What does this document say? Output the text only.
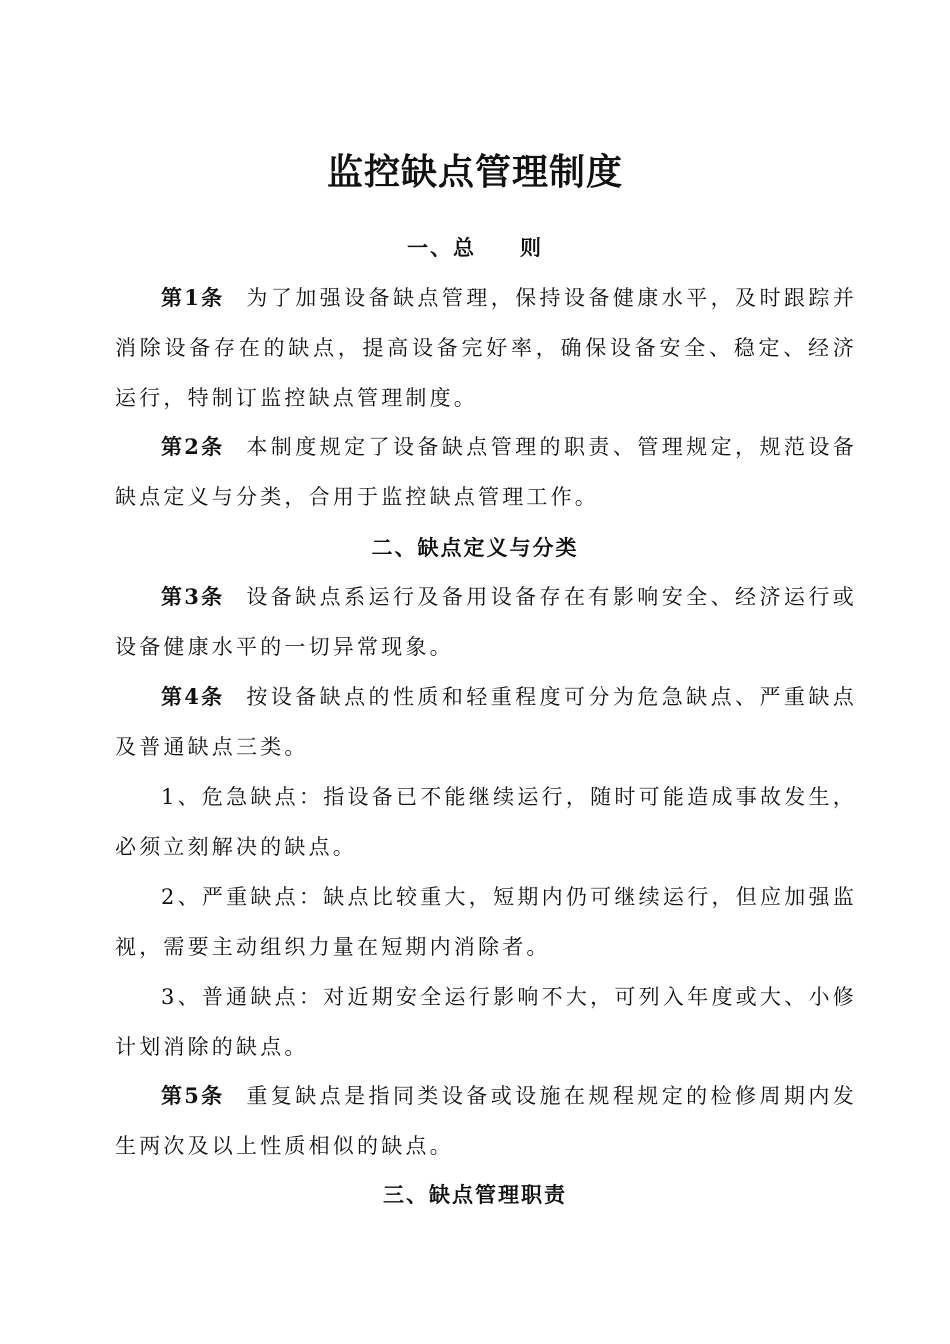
监控缺点管理制度
一、总 则

第1条 为了加强设备缺点管理，保持设备健康水平，及时跟踪并消除设备存在的缺点，提高设备完好率，确保设备安全、稳定、经济运行，特制订监控缺点管理制度。

第2条 本制度规定了设备缺点管理的职责、管理规定，规范设备缺点定义与分类，合用于监控缺点管理工作。

二、缺点定义与分类

第3条 设备缺点系运行及备用设备存在有影响安全、经济运行或设备健康水平的一切异常现象。

第4条 按设备缺点的性质和轻重程度可分为危急缺点、严重缺点及普通缺点三类。

1、危急缺点：指设备已不能继续运行，随时可能造成事故发生，必须立刻解决的缺点。

2、严重缺点：缺点比较重大，短期内仍可继续运行，但应加强监视，需要主动组织力量在短期内消除者。

3、普通缺点：对近期安全运行影响不大，可列入年度或大、小修计划消除的缺点。

第5条 重复缺点是指同类设备或设施在规程规定的检修周期内发生两次及以上性质相似的缺点。

三、缺点管理职责
